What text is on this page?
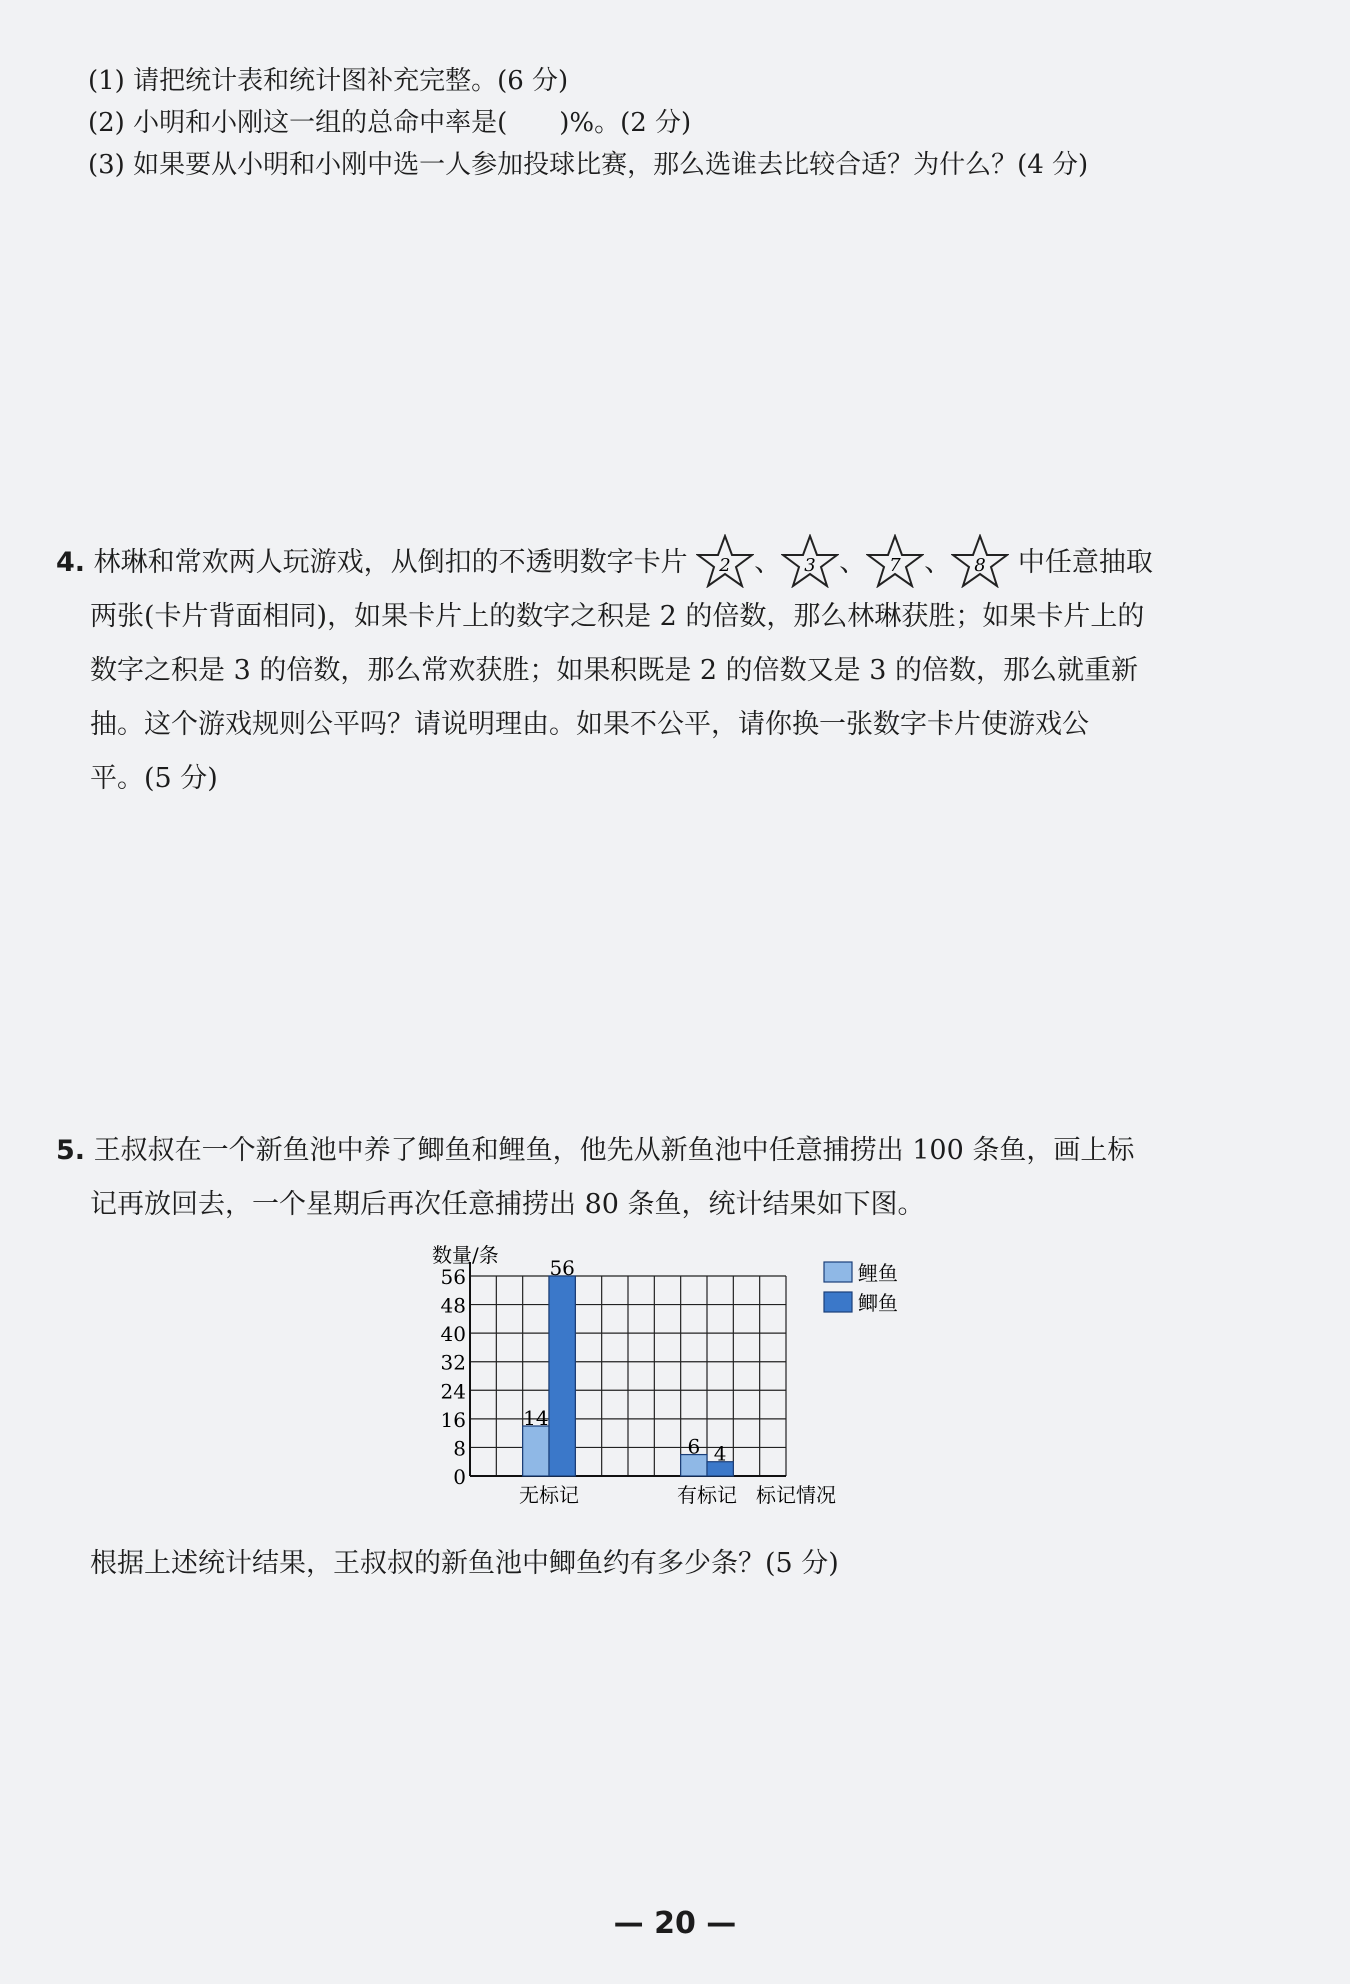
(1) 请把统计表和统计图补充完整。(6 分)
(2) 小明和小刚这一组的总命中率是(　　)%。(2 分)
(3) 如果要从小明和小刚中选一人参加投球比赛，那么选谁去比较合适？为什么？(4 分)

4. 林琳和常欢两人玩游戏，从倒扣的不透明数字卡片 2 、 3 、 7 、 8 中任意抽取

两张(卡片背面相同)，如果卡片上的数字之积是 2 的倍数，那么林琳获胜；如果卡片上的

数字之积是 3 的倍数，那么常欢获胜；如果积既是 2 的倍数又是 3 的倍数，那么就重新

抽。这个游戏规则公平吗？请说明理由。如果不公平，请你换一张数字卡片使游戏公

平。(5 分)

5. 王叔叔在一个新鱼池中养了鲫鱼和鲤鱼，他先从新鱼池中任意捕捞出 100 条鱼，画上标

记再放回去，一个星期后再次任意捕捞出 80 条鱼，统计结果如下图。

数量/条
0
8
16
24
32
40
48
56
14
56
无标记
6 4
有标记 标记情况
鲤鱼
鲫鱼
根据上述统计结果，王叔叔的新鱼池中鲫鱼约有多少条？(5 分)
— 20 —
